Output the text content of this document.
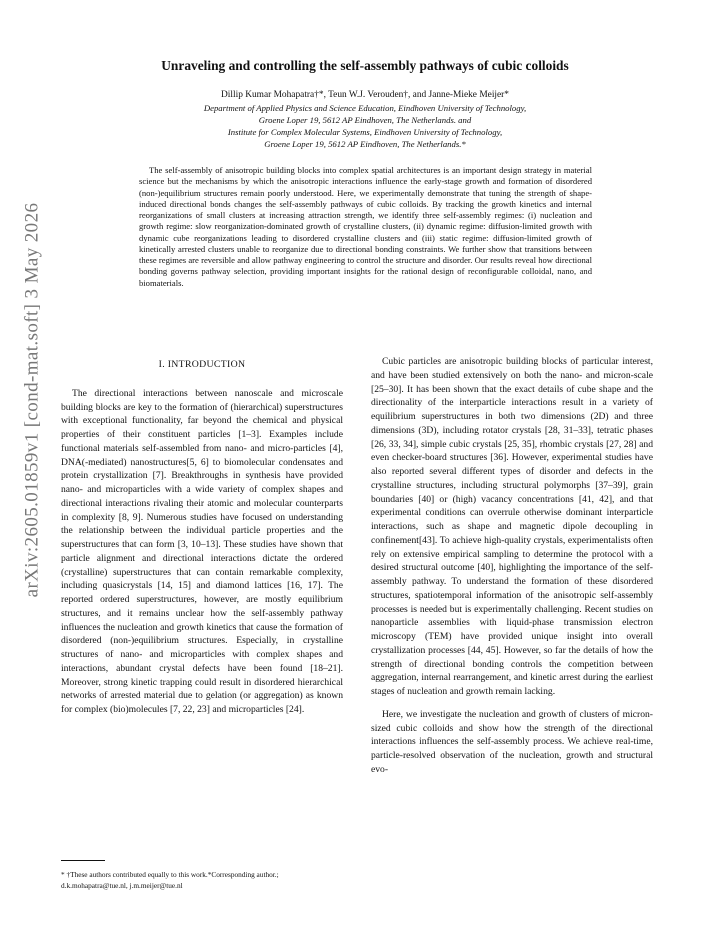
arXiv:2605.01859v1 [cond-mat.soft] 3 May 2026
Unraveling and controlling the self-assembly pathways of cubic colloids

Dillip Kumar Mohapatra†*, Teun W.J. Verouden†, and Janne-Mieke Meijer*

Department of Applied Physics and Science Education, Eindhoven University of Technology,

Groene Loper 19, 5612 AP Eindhoven, The Netherlands. and

Institute for Complex Molecular Systems, Eindhoven University of Technology,

Groene Loper 19, 5612 AP Eindhoven, The Netherlands.*

The self-assembly of anisotropic building blocks into complex spatial architectures is an important design strategy in material science but the mechanisms by which the anisotropic interactions influence the early-stage growth and formation of disordered (non-)equilibrium structures remain poorly understood. Here, we experimentally demonstrate that tuning the strength of shape-induced directional bonds changes the self-assembly pathways of cubic colloids. By tracking the growth kinetics and internal reorganizations of small clusters at increasing attraction strength, we identify three self-assembly regimes: (i) nucleation and growth regime: slow reorganization-dominated growth of crystalline clusters, (ii) dynamic regime: diffusion-limited growth with dynamic cube reorganizations leading to disordered crystalline clusters and (iii) static regime: diffusion-limited growth of kinetically arrested clusters unable to reorganize due to directional bonding constraints. We further show that transitions between these regimes are reversible and allow pathway engineering to control the structure and disorder. Our results reveal how directional bonding governs pathway selection, providing important insights for the rational design of reconfigurable colloidal, nano, and biomaterials.

I. INTRODUCTION

The directional interactions between nanoscale and microscale building blocks are key to the formation of (hierarchical) superstructures with exceptional functionality, far beyond the chemical and physical properties of their constituent particles [1–3]. Examples include functional materials self-assembled from nano- and micro-particles [4], DNA(-mediated) nanostructures[5, 6] to biomolecular condensates and protein crystallization [7]. Breakthroughs in synthesis have provided nano- and microparticles with a wide variety of complex shapes and directional interactions rivaling their atomic and molecular counterparts in complexity [8, 9]. Numerous studies have focused on understanding the relationship between the individual particle properties and the superstructures that can form [3, 10–13]. These studies have shown that particle alignment and directional interactions dictate the ordered (crystalline) superstructures that can contain remarkable complexity, including quasicrystals [14, 15] and diamond lattices [16, 17]. The reported ordered superstructures, however, are mostly equilibrium structures, and it remains unclear how the self-assembly pathway influences the nucleation and growth kinetics that cause the formation of disordered (non-)equilibrium structures. Especially, in crystalline structures of nano- and microparticles with complex shapes and interactions, abundant crystal defects have been found [18–21]. Moreover, strong kinetic trapping could result in disordered hierarchical networks of arrested material due to gelation (or aggregation) as known for complex (bio)molecules [7, 22, 23] and microparticles [24].

Cubic particles are anisotropic building blocks of particular interest, and have been studied extensively on both the nano- and micron-scale [25–30]. It has been shown that the exact details of cube shape and the directionality of the interparticle interactions result in a variety of equilibrium superstructures in both two dimensions (2D) and three dimensions (3D), including rotator crystals [28, 31–33], tetratic phases [26, 33, 34], simple cubic crystals [25, 35], rhombic crystals [27, 28] and even checker-board structures [36]. However, experimental studies have also reported several different types of disorder and defects in the crystalline structures, including structural polymorphs [37–39], grain boundaries [40] or (high) vacancy concentrations [41, 42], and that experimental conditions can overrule otherwise dominant interparticle interactions, such as shape and magnetic dipole decoupling in confinement[43]. To achieve high-quality crystals, experimentalists often rely on extensive empirical sampling to determine the protocol with a desired structural outcome [40], highlighting the importance of the self-assembly pathway. To understand the formation of these disordered structures, spatiotemporal information of the anisotropic self-assembly processes is needed but is experimentally challenging. Recent studies on nanoparticle assemblies with liquid-phase transmission electron microscopy (TEM) have provided unique insight into overall crystallization processes [44, 45]. However, so far the details of how the strength of directional bonding controls the competition between aggregation, internal rearrangement, and kinetic arrest during the earliest stages of nucleation and growth remain lacking.

Here, we investigate the nucleation and growth of clusters of micron-sized cubic colloids and show how the strength of the directional interactions influences the self-assembly process. We achieve real-time, particle-resolved observation of the nucleation, growth and structural evo-

* †These authors contributed equally to this work.*Corresponding author.; d.k.mohapatra@tue.nl, j.m.meijer@tue.nl
